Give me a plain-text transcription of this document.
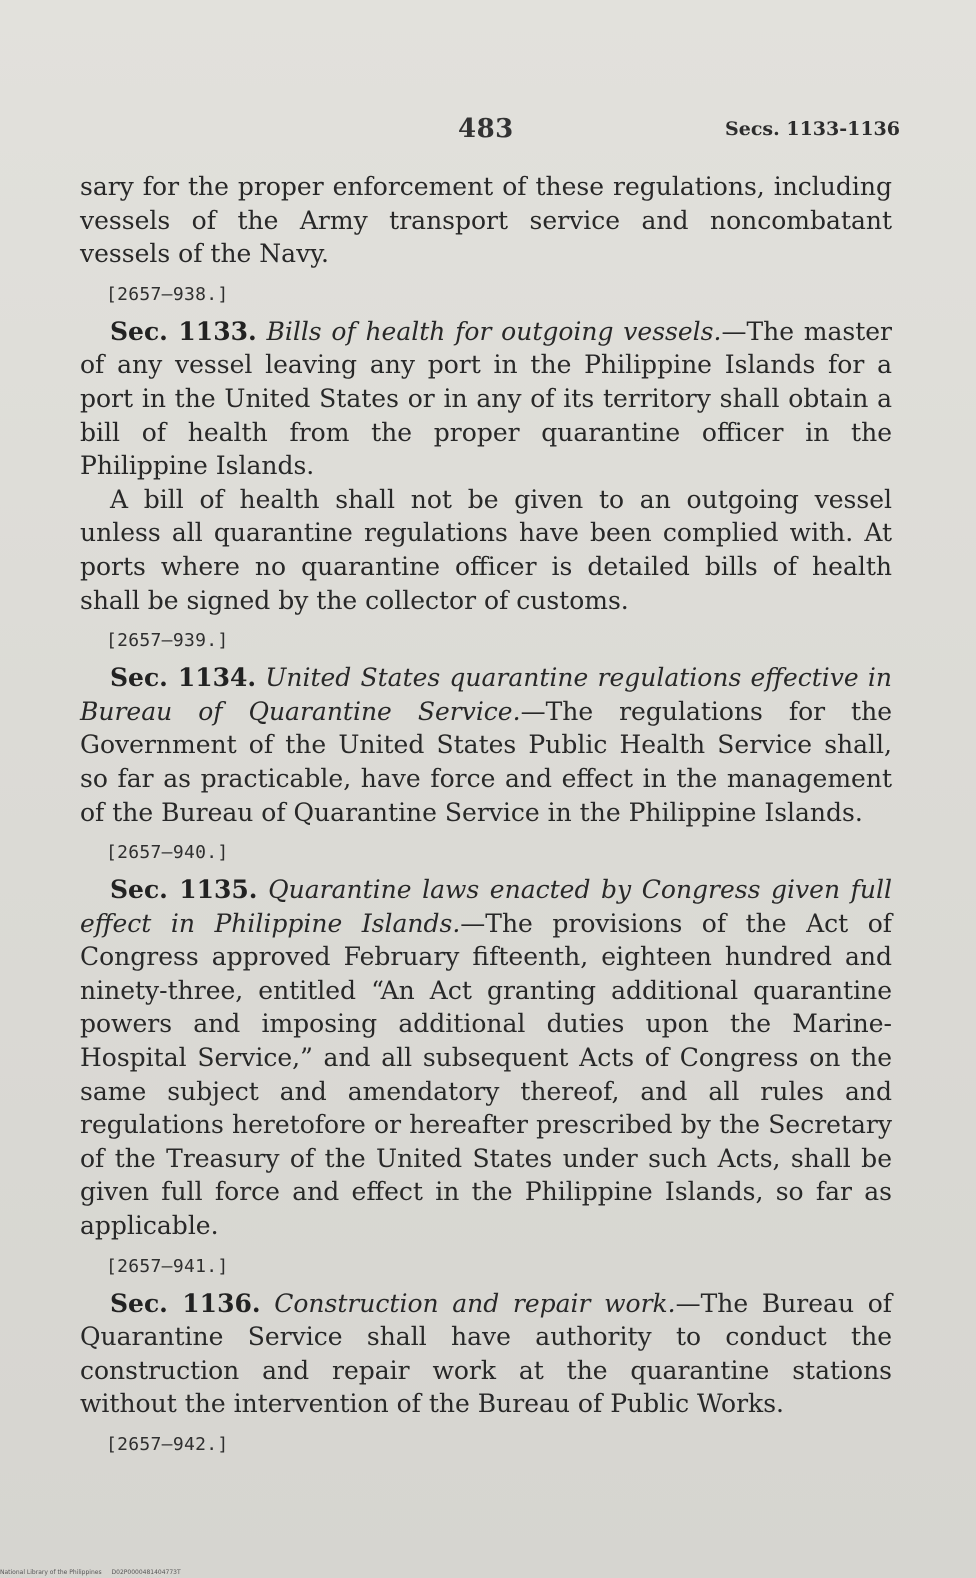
483	Secs. 1133-1136

sary for the proper enforcement of these regulations, including vessels of the Army transport service and noncombatant vessels of the Navy.

[2657—938.]

Sec. 1133. Bills of health for outgoing vessels.—The master of any vessel leaving any port in the Philippine Islands for a port in the United States or in any of its territory shall obtain a bill of health from the proper quarantine officer in the Philippine Islands.

A bill of health shall not be given to an outgoing vessel unless all quarantine regulations have been complied with. At ports where no quarantine officer is detailed bills of health shall be signed by the collector of customs.

[2657—939.]

Sec. 1134. United States quarantine regulations effective in Bureau of Quarantine Service.—The regulations for the Government of the United States Public Health Service shall, so far as practicable, have force and effect in the management of the Bureau of Quarantine Service in the Philippine Islands.

[2657—940.]

Sec. 1135. Quarantine laws enacted by Congress given full effect in Philippine Islands.—The provisions of the Act of Congress approved February fifteenth, eighteen hundred and ninety-three, entitled “An Act granting additional quarantine powers and imposing additional duties upon the Marine-Hospital Service,” and all subsequent Acts of Congress on the same subject and amendatory thereof, and all rules and regulations heretofore or hereafter prescribed by the Secretary of the Treasury of the United States under such Acts, shall be given full force and effect in the Philippine Islands, so far as applicable.

[2657—941.]

Sec. 1136. Construction and repair work.—The Bureau of Quarantine Service shall have authority to conduct the construction and repair work at the quarantine stations without the intervention of the Bureau of Public Works.

[2657—942.]
National Library of the Philippines D02P0000481404773T
